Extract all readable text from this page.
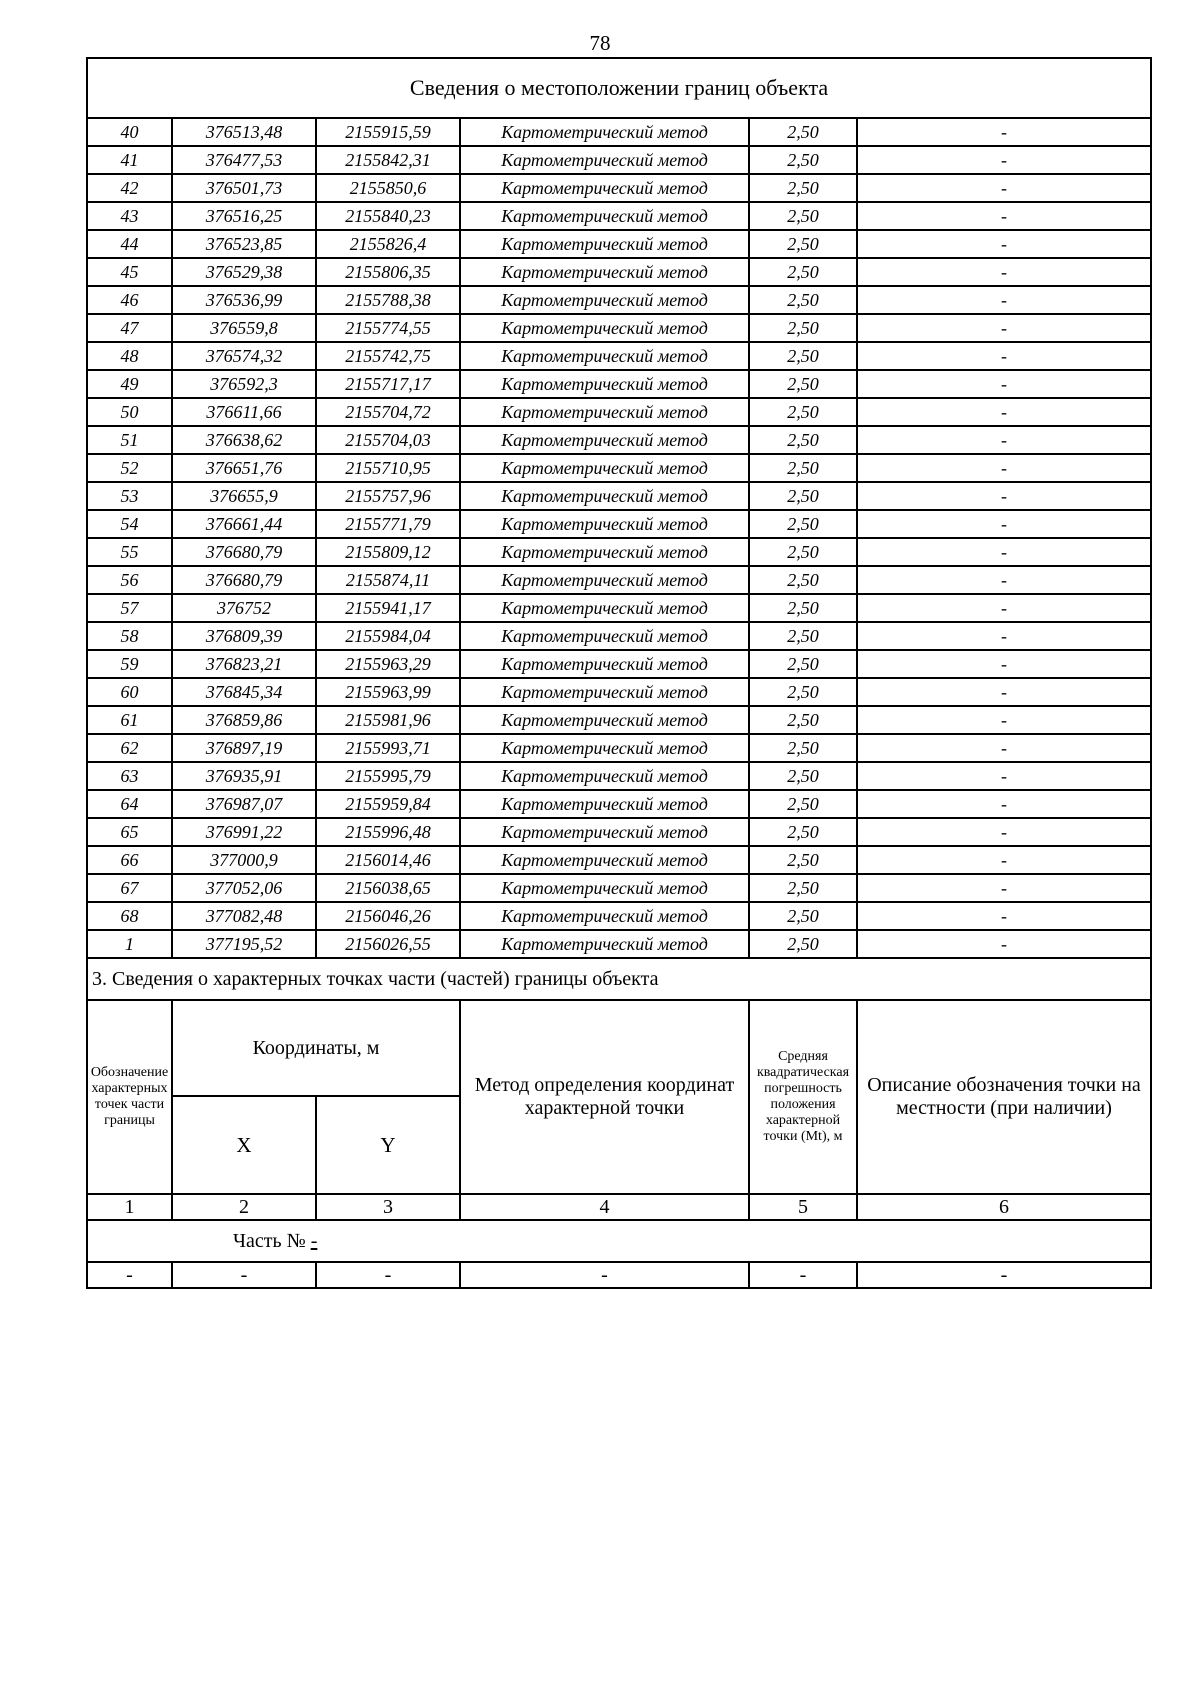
78
Сведения о местоположении границ объекта					
40	376513,48	2155915,59	Картометрический метод	2,50	-
41	376477,53	2155842,31	Картометрический метод	2,50	-
42	376501,73	2155850,6	Картометрический метод	2,50	-
43	376516,25	2155840,23	Картометрический метод	2,50	-
44	376523,85	2155826,4	Картометрический метод	2,50	-
45	376529,38	2155806,35	Картометрический метод	2,50	-
46	376536,99	2155788,38	Картометрический метод	2,50	-
47	376559,8	2155774,55	Картометрический метод	2,50	-
48	376574,32	2155742,75	Картометрический метод	2,50	-
49	376592,3	2155717,17	Картометрический метод	2,50	-
50	376611,66	2155704,72	Картометрический метод	2,50	-
51	376638,62	2155704,03	Картометрический метод	2,50	-
52	376651,76	2155710,95	Картометрический метод	2,50	-
53	376655,9	2155757,96	Картометрический метод	2,50	-
54	376661,44	2155771,79	Картометрический метод	2,50	-
55	376680,79	2155809,12	Картометрический метод	2,50	-
56	376680,79	2155874,11	Картометрический метод	2,50	-
57	376752	2155941,17	Картометрический метод	2,50	-
58	376809,39	2155984,04	Картометрический метод	2,50	-
59	376823,21	2155963,29	Картометрический метод	2,50	-
60	376845,34	2155963,99	Картометрический метод	2,50	-
61	376859,86	2155981,96	Картометрический метод	2,50	-
62	376897,19	2155993,71	Картометрический метод	2,50	-
63	376935,91	2155995,79	Картометрический метод	2,50	-
64	376987,07	2155959,84	Картометрический метод	2,50	-
65	376991,22	2155996,48	Картометрический метод	2,50	-
66	377000,9	2156014,46	Картометрический метод	2,50	-
67	377052,06	2156038,65	Картометрический метод	2,50	-
68	377082,48	2156046,26	Картометрический метод	2,50	-
1	377195,52	2156026,55	Картометрический метод	2,50	-
3. Сведения о характерных точках части (частей) границы объекта					
Обозначение характерных точек части границы	Координаты, м		Метод определения координат характерной точки	Средняя квадратическая погрешность положения характерной точки (Mt), м	Описание обозначения точки на местности (при наличии)
	X	Y			
1	2	3	4	5	6
Часть № -					
-	-	-	-	-	-
